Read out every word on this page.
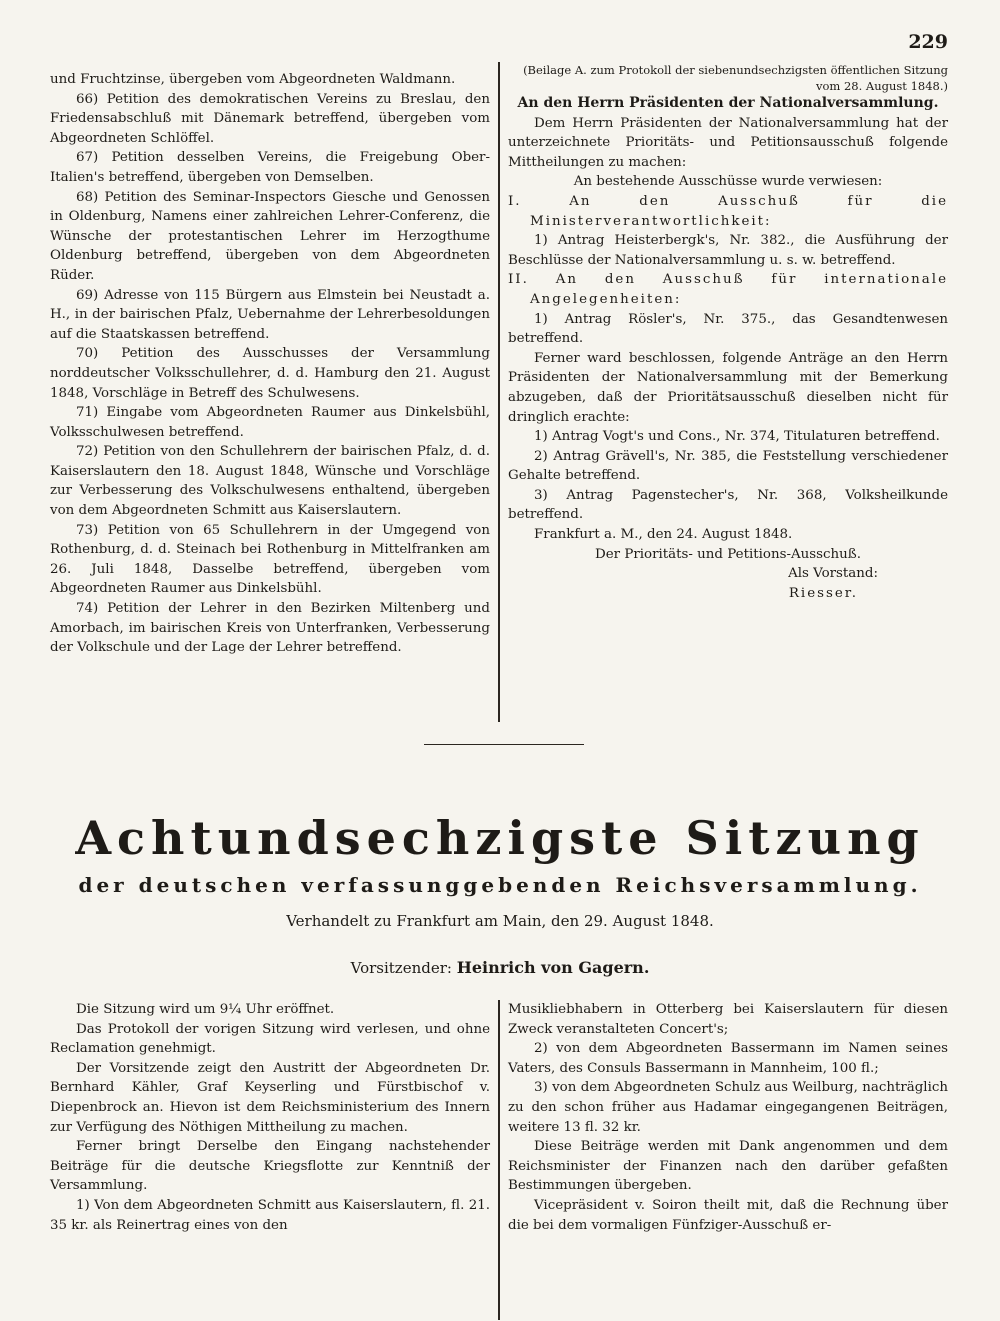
229

und Fruchtzinse, übergeben vom Abgeordneten Waldmann.

66) Petition des demokratischen Vereins zu Breslau, den Friedensabschluß mit Dänemark betreffend, übergeben vom Abgeordneten Schlöffel.

67) Petition desselben Vereins, die Freigebung Ober-Italien's betreffend, übergeben von Demselben.

68) Petition des Seminar-Inspectors Giesche und Genossen in Oldenburg, Namens einer zahlreichen Lehrer-Conferenz, die Wünsche der protestantischen Lehrer im Herzogthume Oldenburg betreffend, übergeben von dem Abgeordneten Rüder.

69) Adresse von 115 Bürgern aus Elmstein bei Neustadt a. H., in der bairischen Pfalz, Uebernahme der Lehrerbesoldungen auf die Staatskassen betreffend.

70) Petition des Ausschusses der Versammlung norddeutscher Volksschullehrer, d. d. Hamburg den 21. August 1848, Vorschläge in Betreff des Schulwesens.

71) Eingabe vom Abgeordneten Raumer aus Dinkelsbühl, Volksschulwesen betreffend.

72) Petition von den Schullehrern der bairischen Pfalz, d. d. Kaiserslautern den 18. August 1848, Wünsche und Vorschläge zur Verbesserung des Volkschulwesens enthaltend, übergeben von dem Abgeordneten Schmitt aus Kaiserslautern.

73) Petition von 65 Schullehrern in der Umgegend von Rothenburg, d. d. Steinach bei Rothenburg in Mittelfranken am 26. Juli 1848, Dasselbe betreffend, übergeben vom Abgeordneten Raumer aus Dinkelsbühl.

74) Petition der Lehrer in den Bezirken Miltenberg und Amorbach, im bairischen Kreis von Unterfranken, Verbesserung der Volkschule und der Lage der Lehrer betreffend.

(Beilage A. zum Protokoll der siebenundsechzigsten öffentlichen Sitzung vom 28. August 1848.)

An den Herrn Präsidenten der Nationalversammlung.

Dem Herrn Präsidenten der Nationalversammlung hat der unterzeichnete Prioritäts- und Petitionsausschuß folgende Mittheilungen zu machen:

An bestehende Ausschüsse wurde verwiesen:

I. An den Ausschuß für die Ministerverantwortlichkeit:

1) Antrag Heisterbergk's, Nr. 382., die Ausführung der Beschlüsse der Nationalversammlung u. s. w. betreffend.

II. An den Ausschuß für internationale Angelegenheiten:

1) Antrag Rösler's, Nr. 375., das Gesandtenwesen betreffend.

Ferner ward beschlossen, folgende Anträge an den Herrn Präsidenten der Nationalversammlung mit der Bemerkung abzugeben, daß der Prioritätsausschuß dieselben nicht für dringlich erachte:

1) Antrag Vogt's und Cons., Nr. 374, Titulaturen betreffend.

2) Antrag Grävell's, Nr. 385, die Feststellung verschiedener Gehalte betreffend.

3) Antrag Pagenstecher's, Nr. 368, Volksheilkunde betreffend.

Frankfurt a. M., den 24. August 1848.

Der Prioritäts- und Petitions-Ausschuß.

Als Vorstand:

Riesser.

Achtundsechzigste Sitzung
der deutschen verfassunggebenden Reichsversammlung.
Verhandelt zu Frankfurt am Main, den 29. August 1848.
Vorsitzender: Heinrich von Gagern.

Die Sitzung wird um 9¼ Uhr eröffnet.

Das Protokoll der vorigen Sitzung wird verlesen, und ohne Reclamation genehmigt.

Der Vorsitzende zeigt den Austritt der Abgeordneten Dr. Bernhard Kähler, Graf Keyserling und Fürstbischof v. Diepenbrock an. Hievon ist dem Reichsministerium des Innern zur Verfügung des Nöthigen Mittheilung zu machen.

Ferner bringt Derselbe den Eingang nachstehender Beiträge für die deutsche Kriegsflotte zur Kenntniß der Versammlung.

1) Von dem Abgeordneten Schmitt aus Kaiserslautern, fl. 21. 35 kr. als Reinertrag eines von den

Musikliebhabern in Otterberg bei Kaiserslautern für diesen Zweck veranstalteten Concert's;

2) von dem Abgeordneten Bassermann im Namen seines Vaters, des Consuls Bassermann in Mannheim, 100 fl.;

3) von dem Abgeordneten Schulz aus Weilburg, nachträglich zu den schon früher aus Hadamar eingegangenen Beiträgen, weitere 13 fl. 32 kr.

Diese Beiträge werden mit Dank angenommen und dem Reichsminister der Finanzen nach den darüber gefaßten Bestimmungen übergeben.

Vicepräsident v. Soiron theilt mit, daß die Rechnung über die bei dem vormaligen Fünfziger-Ausschuß er-
